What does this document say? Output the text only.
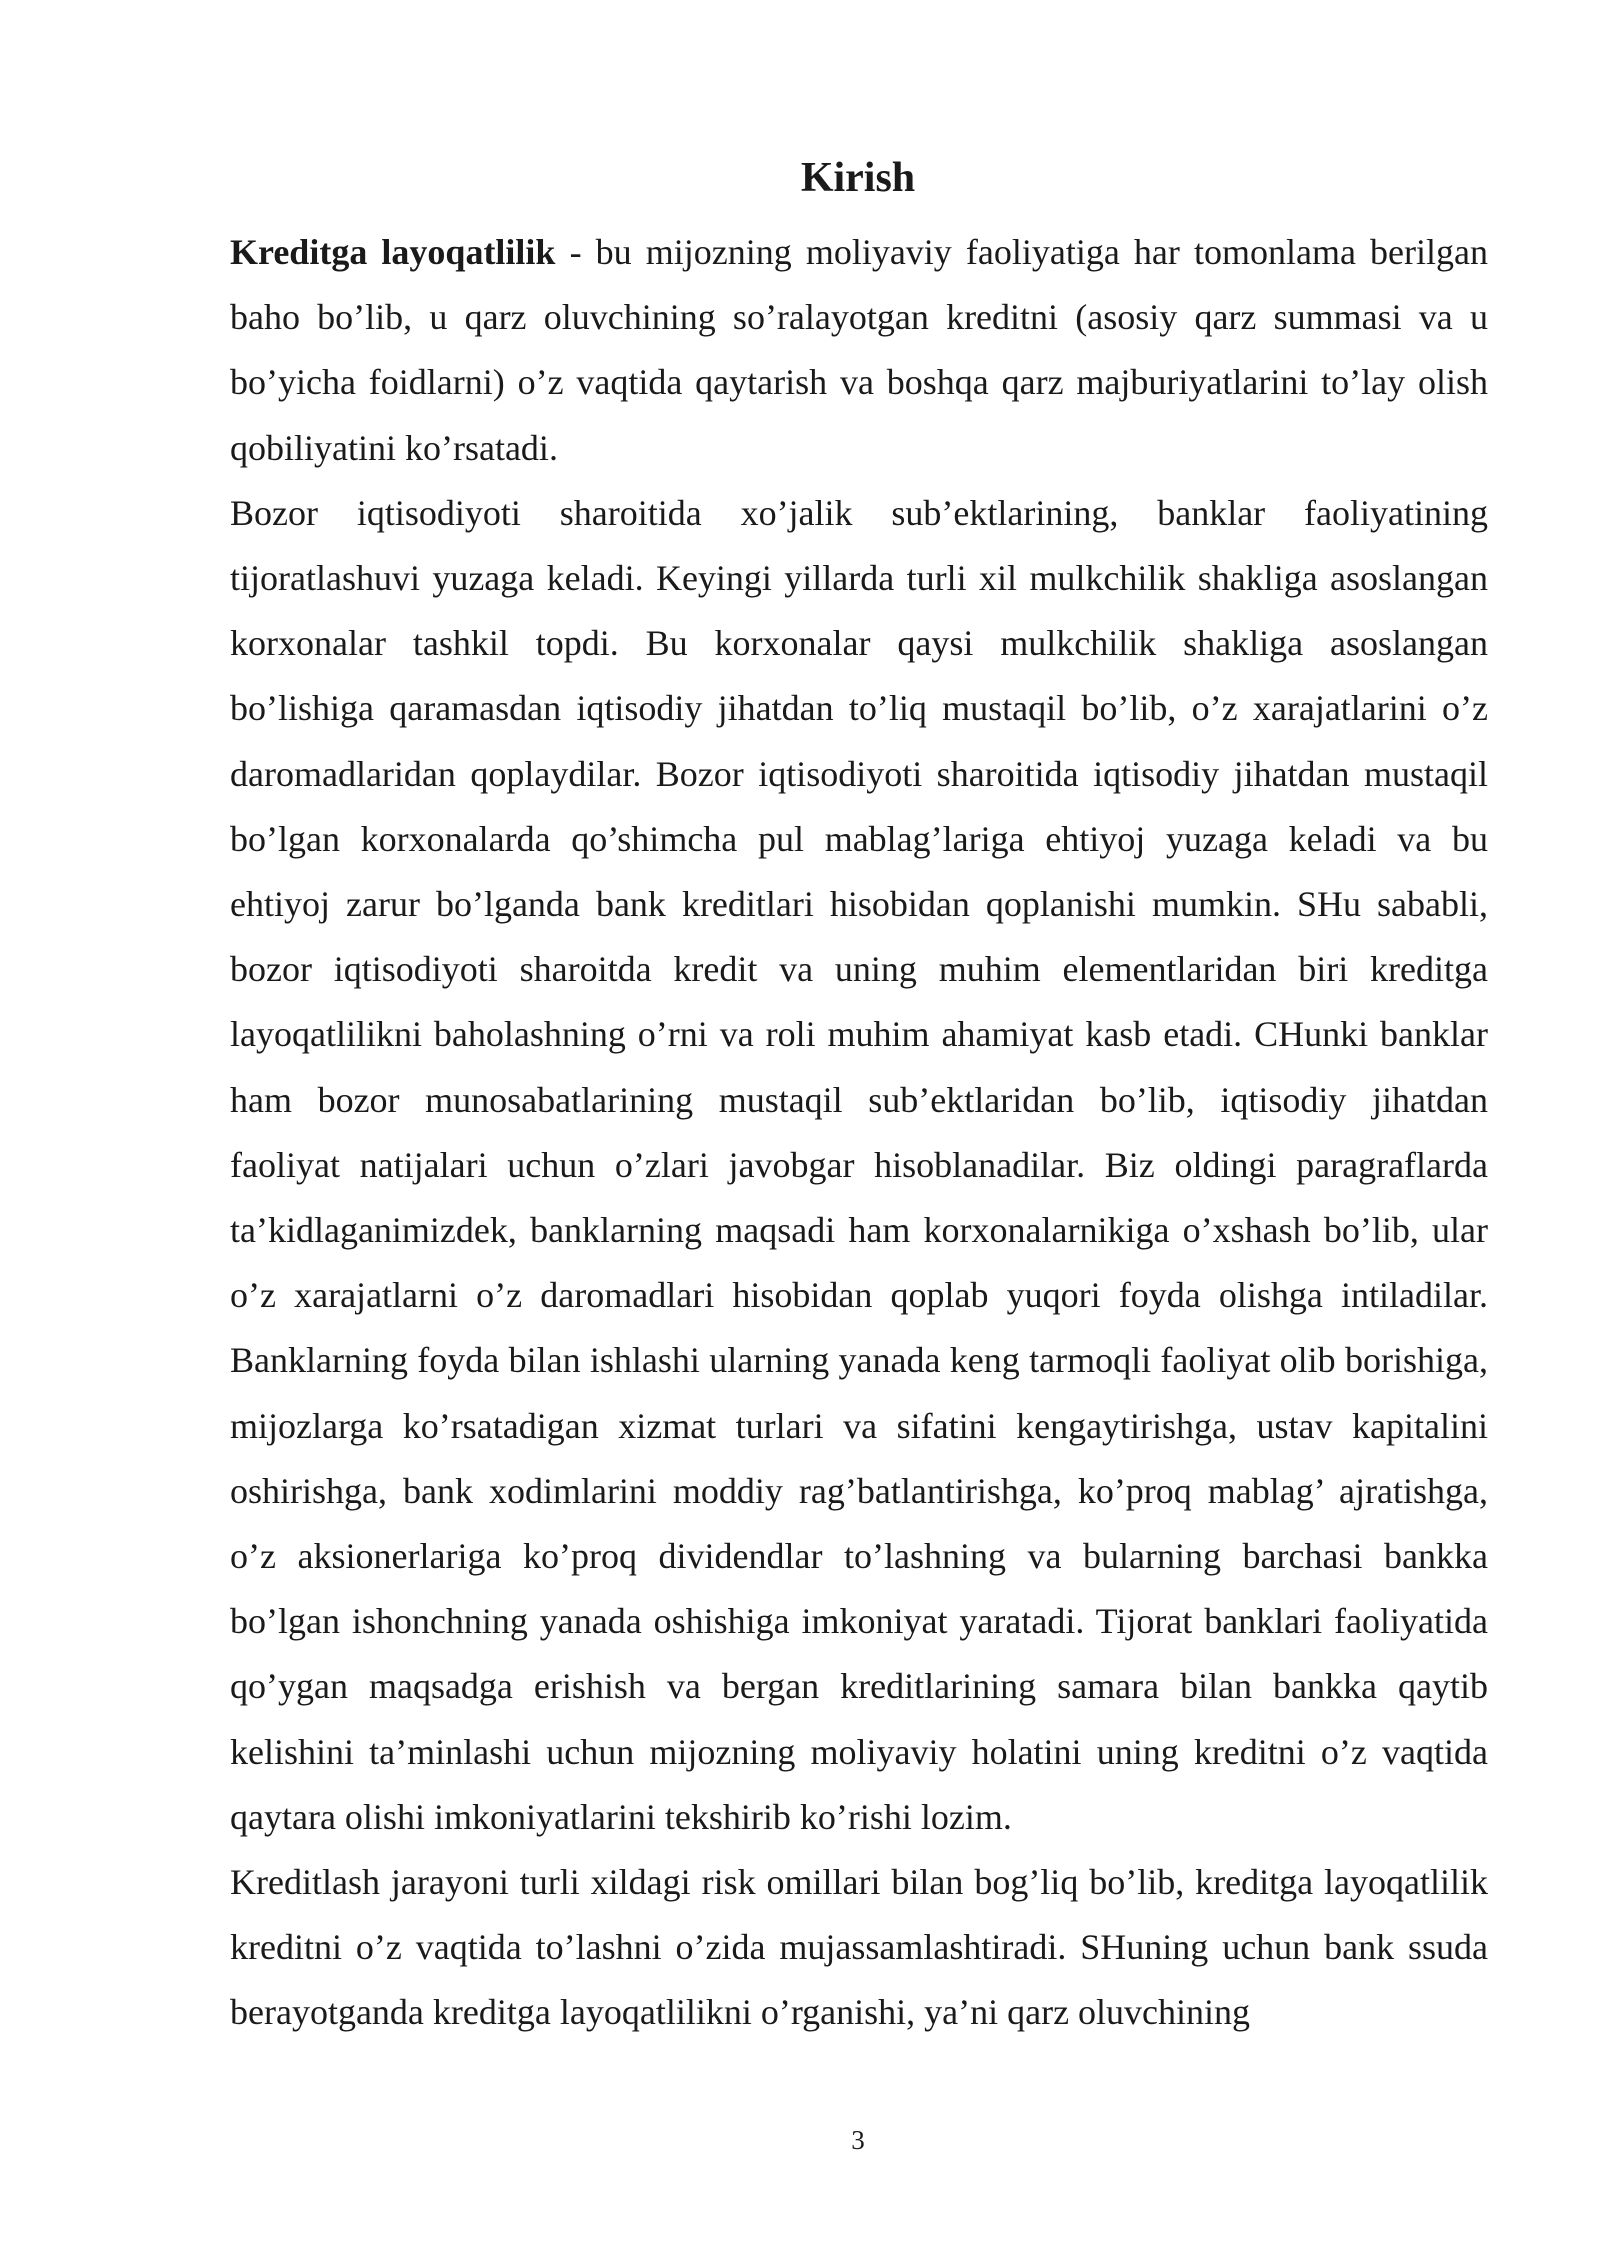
Kirish

Kreditga layoqatlilik - bu mijozning moliyaviy faoliyatiga har tomonlama berilgan baho bo’lib, u qarz oluvchining so’ralayotgan kreditni (asosiy qarz summasi va u bo’yicha foidlarni) o’z vaqtida qaytarish va boshqa qarz majburiyatlarini to’lay olish qobiliyatini ko’rsatadi.

Bozor iqtisodiyoti sharoitida xo’jalik sub’ektlarining, banklar faoliyatining tijoratlashuvi yuzaga keladi. Keyingi yillarda turli xil mulkchilik shakliga asoslangan korxonalar tashkil topdi. Bu korxonalar qaysi mulkchilik shakliga asoslangan bo’lishiga qaramasdan iqtisodiy jihatdan to’liq mustaqil bo’lib, o’z xarajatlarini o’z daromadlaridan qoplaydilar. Bozor iqtisodiyoti sharoitida iqtisodiy jihatdan mustaqil bo’lgan korxonalarda qo’shimcha pul mablag’lariga ehtiyoj yuzaga keladi va bu ehtiyoj zarur bo’lganda bank kreditlari hisobidan qoplanishi mumkin. SHu sababli, bozor iqtisodiyoti sharoitda kredit va uning muhim elementlaridan biri kreditga layoqatlilikni baholashning o’rni va roli muhim ahamiyat kasb etadi. CHunki banklar ham bozor munosabatlarining mustaqil sub’ektlaridan bo’lib, iqtisodiy jihatdan faoliyat natijalari uchun o’zlari javobgar hisoblanadilar. Biz oldingi paragraflarda ta’kidlaganimizdek, banklarning maqsadi ham korxonalarnikiga o’xshash bo’lib, ular o’z xarajatlarni o’z daromadlari hisobidan qoplab yuqori foyda olishga intiladilar. Banklarning foyda bilan ishlashi ularning yanada keng tarmoqli faoliyat olib borishiga, mijozlarga ko’rsatadigan xizmat turlari va sifatini kengaytirishga, ustav kapitalini oshirishga, bank xodimlarini moddiy rag’batlantirishga, ko’proq mablag’ ajratishga, o’z aksionerlariga ko’proq dividendlar to’lashning va bularning barchasi bankka bo’lgan ishonchning yanada oshishiga imkoniyat yaratadi. Tijorat banklari faoliyatida qo’ygan maqsadga erishish va bergan kreditlarining samara bilan bankka qaytib kelishini ta’minlashi uchun mijozning moliyaviy holatini uning kreditni o’z vaqtida qaytara olishi imkoniyatlarini tekshirib ko’rishi lozim.

Kreditlash jarayoni turli xildagi risk omillari bilan bog’liq bo’lib, kreditga layoqatlilik kreditni o’z vaqtida to’lashni o’zida mujassamlashtiradi. SHuning uchun bank ssuda berayotganda kreditga layoqatlilikni o’rganishi, ya’ni qarz oluvchining

3
